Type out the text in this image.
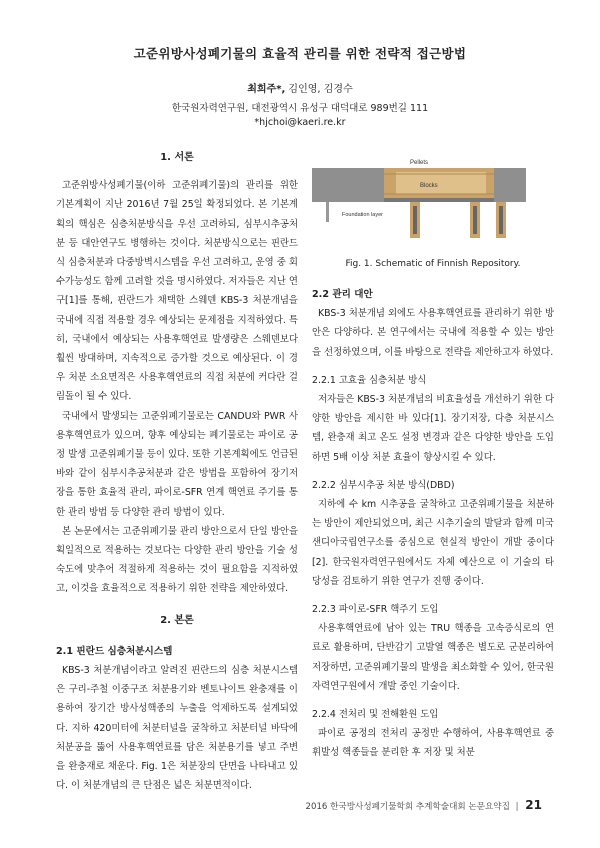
고준위방사성폐기물의 효율적 관리를 위한 전략적 접근방법
최희주*, 김인영, 김경수
한국원자력연구원, 대전광역시 유성구 대덕대로 989번길 111
*hjchoi@kaeri.re.kr
1. 서론

고준위방사성폐기물(이하 고준위폐기물)의 관리를 위한 기본계획이 지난 2016년 7월 25일 확정되었다. 본 기본계획의 핵심은 심층처분방식을 우선 고려하되, 심부시추공처분 등 대안연구도 병행하는 것이다. 처분방식으로는 핀란드식 심층처분과 다중방벽시스템을 우선 고려하고, 운영 중 회수가능성도 함께 고려할 것을 명시하였다. 저자들은 지난 연구[1]를 통해, 핀란드가 채택한 스웨덴 KBS-3 처분개념을 국내에 직접 적용할 경우 예상되는 문제점을 지적하였다. 특히, 국내에서 예상되는 사용후핵연료 발생량은 스웨덴보다 훨씬 방대하며, 지속적으로 증가할 것으로 예상된다. 이 경우 처분 소요면적은 사용후핵연료의 직접 처분에 커다란 걸림돌이 될 수 있다.

국내에서 발생되는 고준위폐기물로는 CANDU와 PWR 사용후핵연료가 있으며, 향후 예상되는 폐기물로는 파이로 공정 발생 고준위폐기물 등이 있다. 또한 기본계획에도 언급된 바와 같이 심부시추공처분과 같은 방법을 포함하여 장기저장을 통한 효율적 관리, 파이로-SFR 연계 핵연료 주기를 통한 관리 방법 등 다양한 관리 방법이 있다.

본 논문에서는 고준위폐기물 관리 방안으로서 단일 방안을 획일적으로 적용하는 것보다는 다양한 관리 방안을 기술 성숙도에 맞추어 적절하게 적용하는 것이 필요함을 지적하였고, 이것을 효율적으로 적용하기 위한 전략을 제안하였다.

2. 본론
2.1 핀란드 심층처분시스템

KBS-3 처분개념이라고 알려진 핀란드의 심층 처분시스템은 구리-주철 이중구조 처분용기와 벤토나이트 완충재를 이용하여 장기간 방사성핵종의 누출을 억제하도록 설계되었다. 지하 420미터에 처분터널을 굴착하고 처분터널 바닥에 처분공을 뚫어 사용후핵연료를 담은 처분용기를 넣고 주변을 완충재로 채운다. Fig. 1은 처분장의 단면을 나타내고 있다. 이 처분개념의 큰 단점은 넓은 처분면적이다.

Pellets
Blocks
Foundation layer
Fig. 1. Schematic of Finnish Repository.
2.2 관리 대안

KBS-3 처분개념 외에도 사용후핵연료를 관리하기 위한 방안은 다양하다. 본 연구에서는 국내에 적용할 수 있는 방안을 선정하였으며, 이를 바탕으로 전략을 제안하고자 하였다.

2.2.1 고효율 심층처분 방식

저자들은 KBS-3 처분개념의 비효율성을 개선하기 위한 다양한 방안을 제시한 바 있다[1]. 장기저장, 다층 처분시스템, 완충재 최고 온도 설정 변경과 같은 다양한 방안을 도입하면 5배 이상 처분 효율이 향상시킬 수 있다.

2.2.2 심부시추공 처분 방식(DBD)

지하에 수 km 시추공을 굴착하고 고준위폐기물을 처분하는 방안이 제안되었으며, 최근 시추기술의 발달과 함께 미국 샌디아국립연구소를 중심으로 현실적 방안이 개발 중이다[2]. 한국원자력연구원에서도 자체 예산으로 이 기술의 타당성을 검토하기 위한 연구가 진행 중이다.

2.2.3 파이로-SFR 핵주기 도입

사용후핵연료에 남아 있는 TRU 핵종을 고속증식로의 연료로 활용하며, 단반감기 고발열 핵종은 별도로 군분리하여 저장하면, 고준위폐기물의 발생을 최소화할 수 있어, 한국원자력연구원에서 개발 중인 기술이다.

2.2.4 전처리 및 전해환원 도입

파이로 공정의 전처리 공정만 수행하여, 사용후핵연료 중 휘발성 핵종들을 분리한 후 저장 및 처분

2016 한국방사성폐기물학회 추계학술대회 논문요약집 | 21
